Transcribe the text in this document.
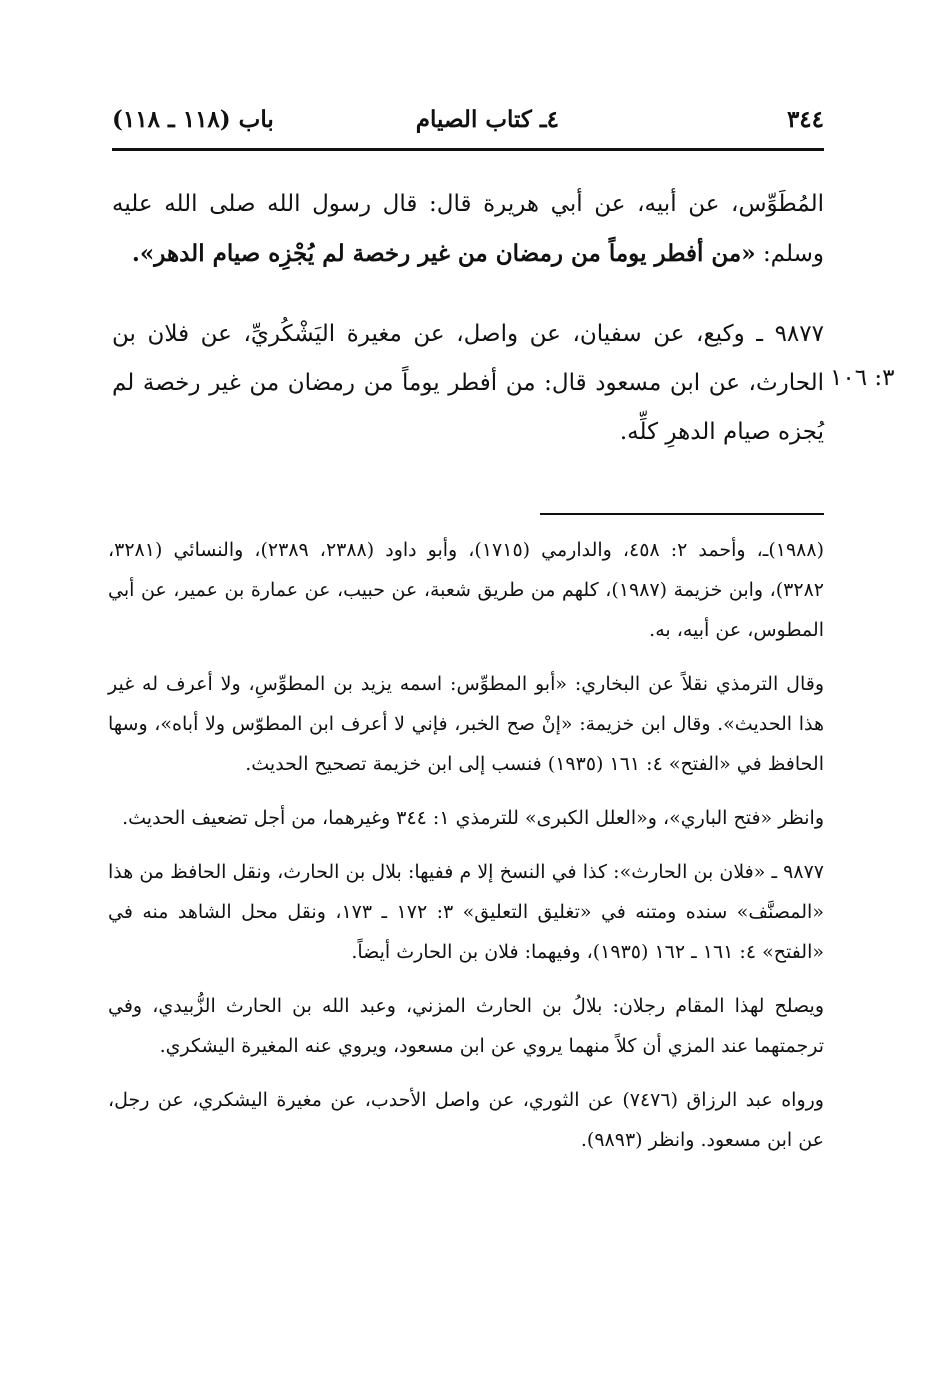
٣٤٤
٤ـ كتاب الصيام
باب (١١٨ ـ ١١٨)
المُطَوِّس، عن أبيه، عن أبي هريرة قال: قال رسول الله صلى الله عليه وسلم: «من أفطر يوماً من رمضان من غير رخصة لم يُجْزِه صيام الدهر».
٩٨٧٧ ـ وكيع، عن سفيان، عن واصل، عن مغيرة اليَشْكُريِّ، عن فلان بن الحارث، عن ابن مسعود قال: من أفطر يوماً من رمضان من غير رخصة لم يُجزه صيام الدهرِ كلِّه.
٣: ١٠٦

(١٩٨٨)ـ، وأحمد ٢: ٤٥٨، والدارمي (١٧١٥)، وأبو داود (٢٣٨٨، ٢٣٨٩)، والنسائي (٣٢٨١، ٣٢٨٢)، وابن خزيمة (١٩٨٧)، كلهم من طريق شعبة، عن حبيب، عن عمارة بن عمير، عن أبي المطوس، عن أبيه، به.

وقال الترمذي نقلاً عن البخاري: «أبو المطوِّس: اسمه يزيد بن المطوِّسِ، ولا أعرف له غير هذا الحديث». وقال ابن خزيمة: «إنْ صح الخبر، فإني لا أعرف ابن المطوّس ولا أباه»، وسها الحافظ في «الفتح» ٤: ١٦١ (١٩٣٥) فنسب إلى ابن خزيمة تصحيح الحديث.

وانظر «فتح الباري»، و«العلل الكبرى» للترمذي ١: ٣٤٤ وغيرهما، من أجل تضعيف الحديث.

٩٨٧٧ ـ «فلان بن الحارث»: كذا في النسخ إلا م ففيها: بلال بن الحارث، ونقل الحافظ من هذا «المصنَّف» سنده ومتنه في «تغليق التعليق» ٣: ١٧٢ ـ ١٧٣، ونقل محل الشاهد منه في «الفتح» ٤: ١٦١ ـ ١٦٢ (١٩٣٥)، وفيهما: فلان بن الحارث أيضاً.

ويصلح لهذا المقام رجلان: بلالُ بن الحارث المزني، وعبد الله بن الحارث الزُّبيدي، وفي ترجمتهما عند المزي أن كلاً منهما يروي عن ابن مسعود، ويروي عنه المغيرة اليشكري.

ورواه عبد الرزاق (٧٤٧٦) عن الثوري، عن واصل الأحدب، عن مغيرة اليشكري، عن رجل، عن ابن مسعود. وانظر (٩٨٩٣).
